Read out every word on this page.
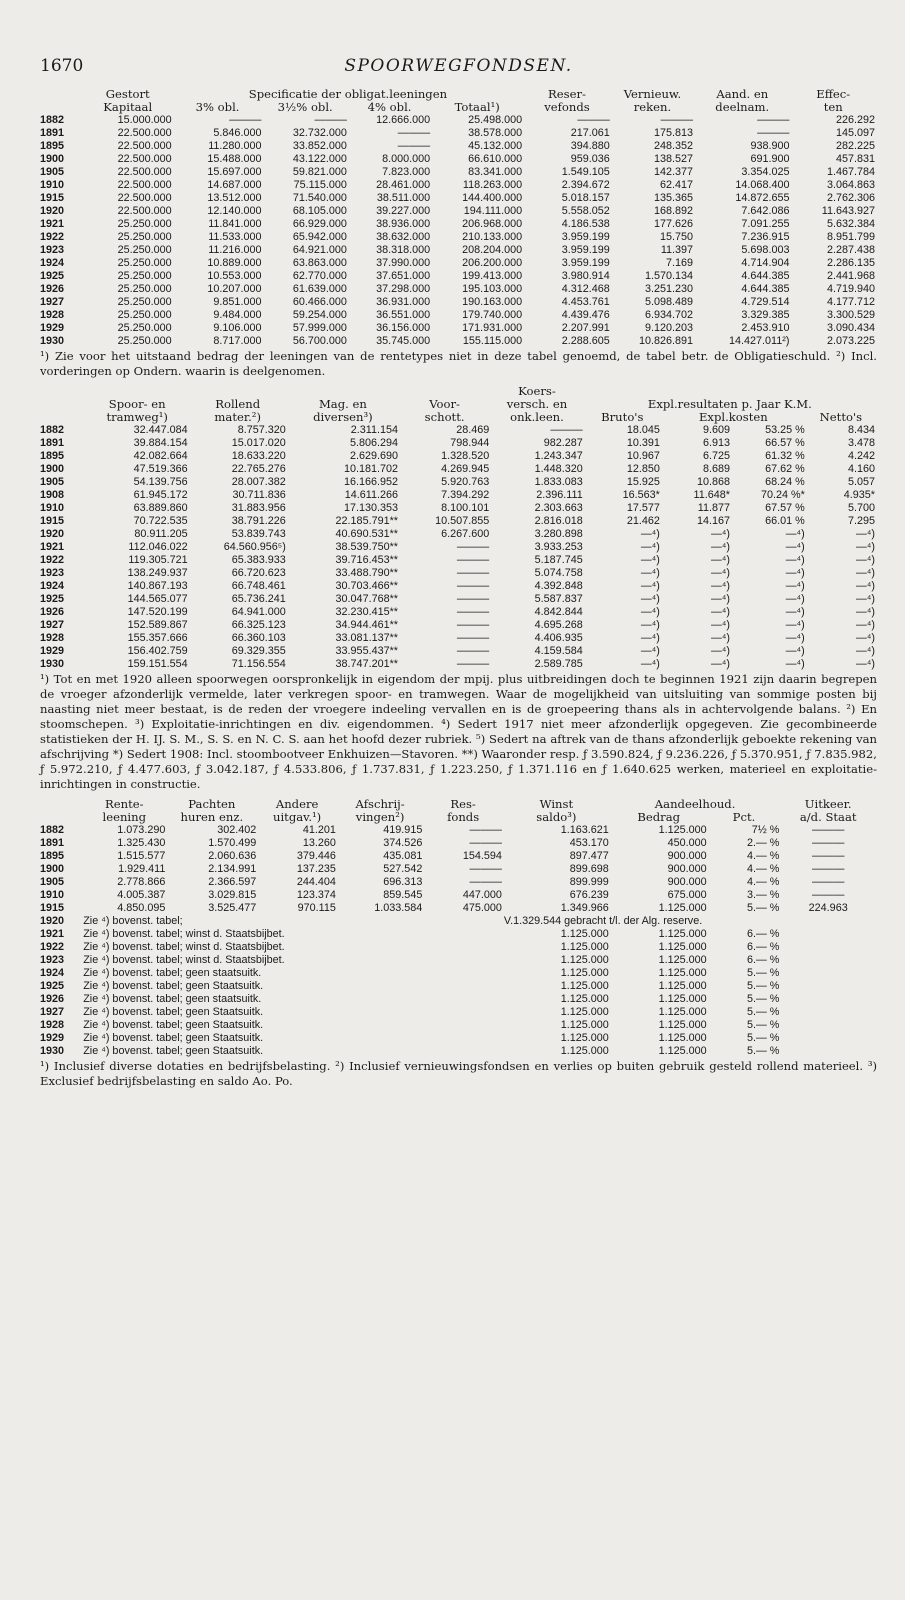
1670	SPOORWEGFONDSEN.
	Gestort	Specificatie der obligat.leeningen				Reser-	Vernieuw.	Aand. en	Effec-
	Kapitaal	3% obl.	3½% obl.	4% obl.	Totaal¹)	vefonds	reken.	deelnam.	ten
1882	15.000.000	———	———	12.666.000	25.498.000	———	———	———	226.292
1891	22.500.000	5.846.000	32.732.000	———	38.578.000	217.061	175.813	———	145.097
1895	22.500.000	11.280.000	33.852.000	———	45.132.000	394.880	248.352	938.900	282.225
1900	22.500.000	15.488.000	43.122.000	8.000.000	66.610.000	959.036	138.527	691.900	457.831
1905	22.500.000	15.697.000	59.821.000	7.823.000	83.341.000	1.549.105	142.377	3.354.025	1.467.784
1910	22.500.000	14.687.000	75.115.000	28.461.000	118.263.000	2.394.672	62.417	14.068.400	3.064.863
1915	22.500.000	13.512.000	71.540.000	38.511.000	144.400.000	5.018.157	135.365	14.872.655	2.762.306
1920	22.500.000	12.140.000	68.105.000	39.227.000	194.111.000	5.558.052	168.892	7.642.086	11.643.927
1921	25.250.000	11.841.000	66.929.000	38.936.000	206.968.000	4.186.538	177.626	7.091.255	5.632.384
1922	25.250.000	11.533.000	65.942.000	38.632.000	210.133.000	3.959.199	15.750	7.236.915	8.951.799
1923	25.250.000	11.216.000	64.921.000	38.318.000	208.204.000	3.959.199	11.397	5.698.003	2.287.438
1924	25.250.000	10.889.000	63.863.000	37.990.000	206.200.000	3.959.199	7.169	4.714.904	2.286.135
1925	25.250.000	10.553.000	62.770.000	37.651.000	199.413.000	3.980.914	1.570.134	4.644.385	2.441.968
1926	25.250.000	10.207.000	61.639.000	37.298.000	195.103.000	4.312.468	3.251.230	4.644.385	4.719.940
1927	25.250.000	9.851.000	60.466.000	36.931.000	190.163.000	4.453.761	5.098.489	4.729.514	4.177.712
1928	25.250.000	9.484.000	59.254.000	36.551.000	179.740.000	4.439.476	6.934.702	3.329.385	3.300.529
1929	25.250.000	9.106.000	57.999.000	36.156.000	171.931.000	2.207.991	9.120.203	2.453.910	3.090.434
1930	25.250.000	8.717.000	56.700.000	35.745.000	155.115.000	2.288.605	10.826.891	14.427.011²)	2.073.225
¹) Zie voor het uitstaand bedrag der leeningen van de rentetypes niet in deze tabel genoemd, de tabel betr. de Obligatieschuld. ²) Incl. vorderingen op Ondern. waarin is deelgenomen.
					Koers-				
	Spoor- en	Rollend	Mag. en	Voor-	versch. en	Expl.resultaten p. Jaar K.M.			
	tramweg¹)	mater.²)	diversen³)	schott.	onk.leen.	Bruto's	Expl.kosten		Netto's
1882	32.447.084	8.757.320	2.311.154	28.469	———	18.045	9.609	53.25 %	8.434
1891	39.884.154	15.017.020	5.806.294	798.944	982.287	10.391	6.913	66.57 %	3.478
1895	42.082.664	18.633.220	2.629.690	1.328.520	1.243.347	10.967	6.725	61.32 %	4.242
1900	47.519.366	22.765.276	10.181.702	4.269.945	1.448.320	12.850	8.689	67.62 %	4.160
1905	54.139.756	28.007.382	16.166.952	5.920.763	1.833.083	15.925	10.868	68.24 %	5.057
1908	61.945.172	30.711.836	14.611.266	7.394.292	2.396.111	16.563*	11.648*	70.24 %*	4.935*
1910	63.889.860	31.883.956	17.130.353	8.100.101	2.303.663	17.577	11.877	67.57 %	5.700
1915	70.722.535	38.791.226	22.185.791**	10.507.855	2.816.018	21.462	14.167	66.01 %	7.295
1920	80.911.205	53.839.743	40.690.531**	6.267.600	3.280.898	—⁴)	—⁴)	—⁴)	—⁴)
1921	112.046.022	64.560.956⁵)	38.539.750**	———	3.933.253	—⁴)	—⁴)	—⁴)	—⁴)
1922	119.305.721	65.383.933	39.716.453**	———	5.187.745	—⁴)	—⁴)	—⁴)	—⁴)
1923	138.249.937	66.720.623	33.488.790**	———	5.074.758	—⁴)	—⁴)	—⁴)	—⁴)
1924	140.867.193	66.748.461	30.703.466**	———	4.392.848	—⁴)	—⁴)	—⁴)	—⁴)
1925	144.565.077	65.736.241	30.047.768**	———	5.587.837	—⁴)	—⁴)	—⁴)	—⁴)
1926	147.520.199	64.941.000	32.230.415**	———	4.842.844	—⁴)	—⁴)	—⁴)	—⁴)
1927	152.589.867	66.325.123	34.944.461**	———	4.695.268	—⁴)	—⁴)	—⁴)	—⁴)
1928	155.357.666	66.360.103	33.081.137**	———	4.406.935	—⁴)	—⁴)	—⁴)	—⁴)
1929	156.402.759	69.329.355	33.955.437**	———	4.159.584	—⁴)	—⁴)	—⁴)	—⁴)
1930	159.151.554	71.156.554	38.747.201**	———	2.589.785	—⁴)	—⁴)	—⁴)	—⁴)
¹) Tot en met 1920 alleen spoorwegen oorspronkelijk in eigendom der mpij. plus uitbreidingen doch te beginnen 1921 zijn daarin begrepen de vroeger afzonderlijk vermelde, later verkregen spoor- en tramwegen. Waar de mogelijkheid van uitsluiting van sommige posten bij naasting niet meer bestaat, is de reden der vroegere indeeling vervallen en is de groepeering thans als in achtervolgende balans. ²) En stoomschepen. ³) Exploitatie-inrichtingen en div. eigendommen. ⁴) Sedert 1917 niet meer afzonderlijk opgegeven. Zie gecombineerde statistieken der H. IJ. S. M., S. S. en N. C. S. aan het hoofd dezer rubriek. ⁵) Sedert na aftrek van de thans afzonderlijk geboekte rekening van afschrijving *) Sedert 1908: Incl. stoombootveer Enkhuizen—Stavoren. **) Waaronder resp. ƒ 3.590.824, ƒ 9.236.226, ƒ 5.370.951, ƒ 7.835.982, ƒ 5.972.210, ƒ 4.477.603, ƒ 3.042.187, ƒ 4.533.806, ƒ 1.737.831, ƒ 1.223.250, ƒ 1.371.116 en ƒ 1.640.625 werken, materieel en exploitatie-inrichtingen in constructie.
	Rente-	Pachten	Andere	Afschrij-	Res-	Winst	Aandeelhoud.		Uitkeer.
	leening	huren enz.	uitgav.¹)	vingen²)	fonds	saldo³)	Bedrag	Pct.	a/d. Staat
1882	1.073.290	302.402	41.201	419.915	———	1.163.621	1.125.000	7½ %	———
1891	1.325.430	1.570.499	13.260	374.526	———	453.170	450.000	2.— %	———
1895	1.515.577	2.060.636	379.446	435.081	154.594	897.477	900.000	4.— %	———
1900	1.929.411	2.134.991	137.235	527.542	———	899.698	900.000	4.— %	———
1905	2.778.866	2.366.597	244.404	696.313	———	899.999	900.000	4.— %	———
1910	4.005.387	3.029.815	123.374	859.545	447.000	676.239	675.000	3.— %	———
1915	4.850.095	3.525.477	970.115	1.033.584	475.000	1.349.966	1.125.000	5.— %	224.963
1920	Zie ⁴) bovenst. tabel;					V.1.329.544 gebracht t/l. der Alg. reserve.			
1921	Zie ⁴) bovenst. tabel; winst d. Staatsbijbet.					1.125.000	1.125.000	6.— %	
1922	Zie ⁴) bovenst. tabel; winst d. Staatsbijbet.					1.125.000	1.125.000	6.— %	
1923	Zie ⁴) bovenst. tabel; winst d. Staatsbijbet.					1.125.000	1.125.000	6.— %	
1924	Zie ⁴) bovenst. tabel; geen staatsuitk.					1.125.000	1.125.000	5.— %	
1925	Zie ⁴) bovenst. tabel; geen Staatsuitk.					1.125.000	1.125.000	5.— %	
1926	Zie ⁴) bovenst. tabel; geen staatsuitk.					1.125.000	1.125.000	5.— %	
1927	Zie ⁴) bovenst. tabel; geen Staatsuitk.					1.125.000	1.125.000	5.— %	
1928	Zie ⁴) bovenst. tabel; geen Staatsuitk.					1.125.000	1.125.000	5.— %	
1929	Zie ⁴) bovenst. tabel; geen Staatsuitk.					1.125.000	1.125.000	5.— %	
1930	Zie ⁴) bovenst. tabel; geen Staatsuitk.					1.125.000	1.125.000	5.— %	
¹) Inclusief diverse dotaties en bedrijfsbelasting. ²) Inclusief vernieuwingsfondsen en verlies op buiten gebruik gesteld rollend materieel. ³) Exclusief bedrijfsbelasting en saldo Ao. Po.
